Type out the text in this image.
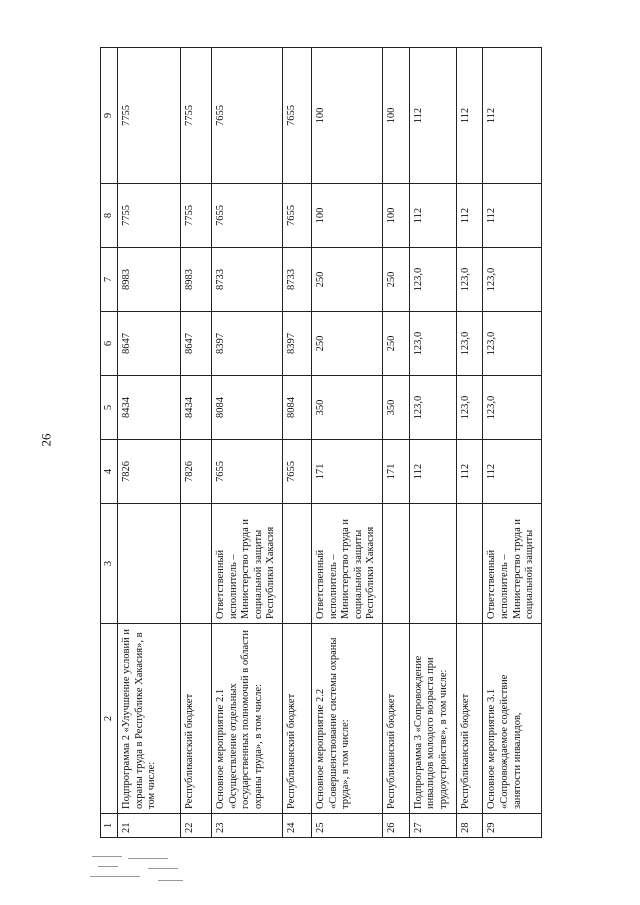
26
1	2	3	4	5	6	7	8	9
21	Подпрограмма 2 «Улучшение условий и охраны труда в Республике Хакасия», в том числе:		7826	8434	8647	8983	7755	7755
22	Республиканский бюджет		7826	8434	8647	8983	7755	7755
23	Основное мероприятие 2.1 «Осуществление отдельных государственных полномочий в области охраны труда», в том числе:	Ответственный исполнитель – Министерство труда и социальной защиты Республики Хакасия	7655	8084	8397	8733	7655	7655
24	Республиканский бюджет		7655	8084	8397	8733	7655	7655
25	Основное мероприятие 2.2 «Совершенствование системы охраны труда», в том числе:	Ответственный исполнитель – Министерство труда и социальной защиты Республики Хакасия	171	350	250	250	100	100
26	Республиканский бюджет		171	350	250	250	100	100
27	Подпрограмма 3 «Сопровождение инвалидов молодого возраста при трудоустройстве», в том числе:		112	123,0	123,0	123,0	112	112
28	Республиканский бюджет		112	123,0	123,0	123,0	112	112
29	Основное мероприятие 3.1 «Сопровождаемое содействие занятости инвалидов,	Ответственный исполнитель – Министерство труда и социальной защиты	112	123,0	123,0	123,0	112	112
